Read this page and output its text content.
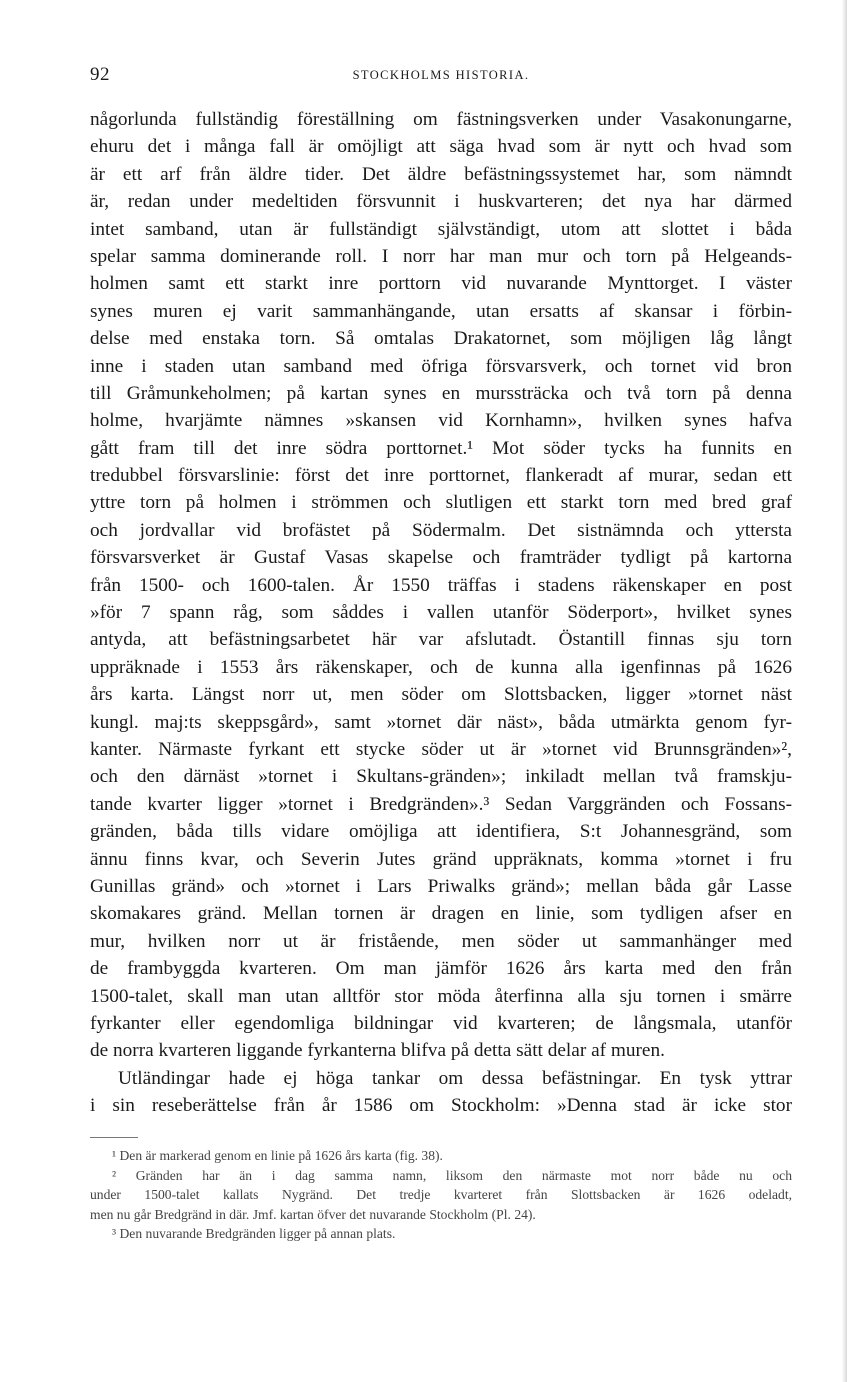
92	STOCKHOLMS HISTORIA.
någorlunda fullständig föreställning om fästningsverken under Vasakonungarne,
ehuru det i många fall är omöjligt att säga hvad som är nytt och hvad som
är ett arf från äldre tider. Det äldre befästningssystemet har, som nämndt
är, redan under medeltiden försvunnit i huskvarteren; det nya har därmed
intet samband, utan är fullständigt självständigt, utom att slottet i båda
spelar samma dominerande roll. I norr har man mur och torn på Helgeands-
holmen samt ett starkt inre porttorn vid nuvarande Mynttorget. I väster
synes muren ej varit sammanhängande, utan ersatts af skansar i förbin-
delse med enstaka torn. Så omtalas Drakatornet, som möjligen låg långt
inne i staden utan samband med öfriga försvarsverk, och tornet vid bron
till Gråmunkeholmen; på kartan synes en murssträcka och två torn på denna
holme, hvarjämte nämnes »skansen vid Kornhamn», hvilken synes hafva
gått fram till det inre södra porttornet.¹ Mot söder tycks ha funnits en
tredubbel försvarslinie: först det inre porttornet, flankeradt af murar, sedan ett
yttre torn på holmen i strömmen och slutligen ett starkt torn med bred graf
och jordvallar vid brofästet på Södermalm. Det sistnämnda och yttersta
försvarsverket är Gustaf Vasas skapelse och framträder tydligt på kartorna
från 1500- och 1600-talen. År 1550 träffas i stadens räkenskaper en post
»för 7 spann råg, som såddes i vallen utanför Söderport», hvilket synes
antyda, att befästningsarbetet här var afslutadt. Östantill finnas sju torn
uppräknade i 1553 års räkenskaper, och de kunna alla igenfinnas på 1626
års karta. Längst norr ut, men söder om Slottsbacken, ligger »tornet näst
kungl. maj:ts skeppsgård», samt »tornet där näst», båda utmärkta genom fyr-
kanter. Närmaste fyrkant ett stycke söder ut är »tornet vid Brunnsgränden»²,
och den därnäst »tornet i Skultans-gränden»; inkiladt mellan två framskju-
tande kvarter ligger »tornet i Bredgränden».³ Sedan Varggränden och Fossans-
gränden, båda tills vidare omöjliga att identifiera, S:t Johannesgränd, som
ännu finns kvar, och Severin Jutes gränd uppräknats, komma »tornet i fru
Gunillas gränd» och »tornet i Lars Priwalks gränd»; mellan båda går Lasse
skomakares gränd. Mellan tornen är dragen en linie, som tydligen afser en
mur, hvilken norr ut är fristående, men söder ut sammanhänger med
de frambyggda kvarteren. Om man jämför 1626 års karta med den från
1500-talet, skall man utan alltför stor möda återfinna alla sju tornen i smärre
fyrkanter eller egendomliga bildningar vid kvarteren; de långsmala, utanför
de norra kvarteren liggande fyrkanterna blifva på detta sätt delar af muren.
Utländingar hade ej höga tankar om dessa befästningar. En tysk yttrar
i sin reseberättelse från år 1586 om Stockholm: »Denna stad är icke stor
¹ Den är markerad genom en linie på 1626 års karta (fig. 38).
² Gränden har än i dag samma namn, liksom den närmaste mot norr både nu och
under 1500-talet kallats Nygränd. Det tredje kvarteret från Slottsbacken är 1626 odeladt,
men nu går Bredgränd in där. Jmf. kartan öfver det nuvarande Stockholm (Pl. 24).
³ Den nuvarande Bredgränden ligger på annan plats.
